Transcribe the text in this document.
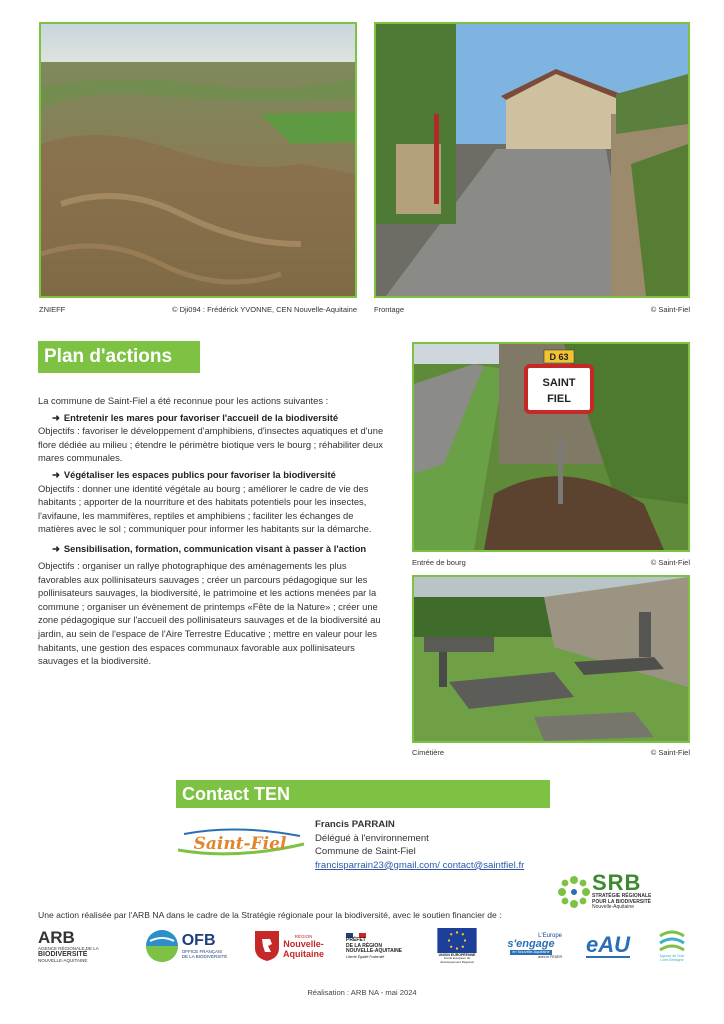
ZNIEFF	© Dji094 : Frédérick YVONNE, CEN Nouvelle-Aquitaine Frontage	© Saint-Fiel
D 63
SAINT
FIEL
Entrée de bourg	© Saint-Fiel
Cimétière	© Saint-Fiel
Plan d'actions

La commune de Saint-Fiel a été reconnue pour les actions suivantes :

➜ Entretenir les mares pour favoriser l'accueil de la biodiversité

Objectifs : favoriser le développement d'amphibiens, d'insectes aquatiques et d'une flore dédiée au milieu ; étendre le périmètre biotique vers le bourg ; réhabiliter deux mares communales.

➜ Végétaliser les espaces publics pour favoriser la biodiversité

Objectifs : donner une identité végétale au bourg ; améliorer le cadre de vie des habitants ; apporter de la nourriture et des habitats potentiels pour les insectes, l'avifaune, les mammifères, reptiles et amphibiens ; faciliter les échanges de matières avec le sol ; communiquer pour informer les habitants sur la démarche.

➜ Sensibilisation, formation, communication visant à passer à l'action

Objectifs : organiser un rallye photographique des aménagements les plus favorables aux pollinisateurs sauvages ; créer un parcours pédagogique sur les pollinisateurs sauvages, la biodiversité, le patrimoine et les actions menées par la commune ; organiser un évènement de printemps «Fête de la Nature» ; créer une zone pédagogique sur l'accueil des pollinisateurs sauvages et de la biodiversité au jardin, au sein de l'espace de l'Aire Terrestre Educative ; mettre en valeur pour les habitants, une gestion des espaces communaux favorable aux pollinisateurs sauvages et la biodiversité.

Contact TEN
Saint-Fiel
Francis PARRAIN
Délégué à l'environnement
Commune de Saint-Fiel
francisparrain23@gmail.com/ contact@saintfiel.fr
SRB
STRATÉGIE RÉGIONALE
POUR LA BIODIVERSITÉ
Nouvelle-Aquitaine
Une action réalisée par l'ARB NA dans le cadre de la Stratégie régionale pour la biodiversité, avec le soutien financier de :
ARB
AGENCE RÉGIONALE DE LA
BIODIVERSITÉ
NOUVELLE-AQUITAINE
OFB
OFFICE FRANÇAIS
DE LA BIODIVERSITÉ
RÉGION
Nouvelle-
Aquitaine
PRÉFET
DE LA RÉGION
NOUVELLE-AQUITAINE
Liberté Égalité Fraternité	UNION EUROPÉENNE
Fonds Européen de
développement Régional
L'Europe
s'engage
en Nouvelle-Aquitaine
avec le FEDER eAU	Agence de l'eau
Loire-Bretagne
Réalisation : ARB NA - mai 2024
